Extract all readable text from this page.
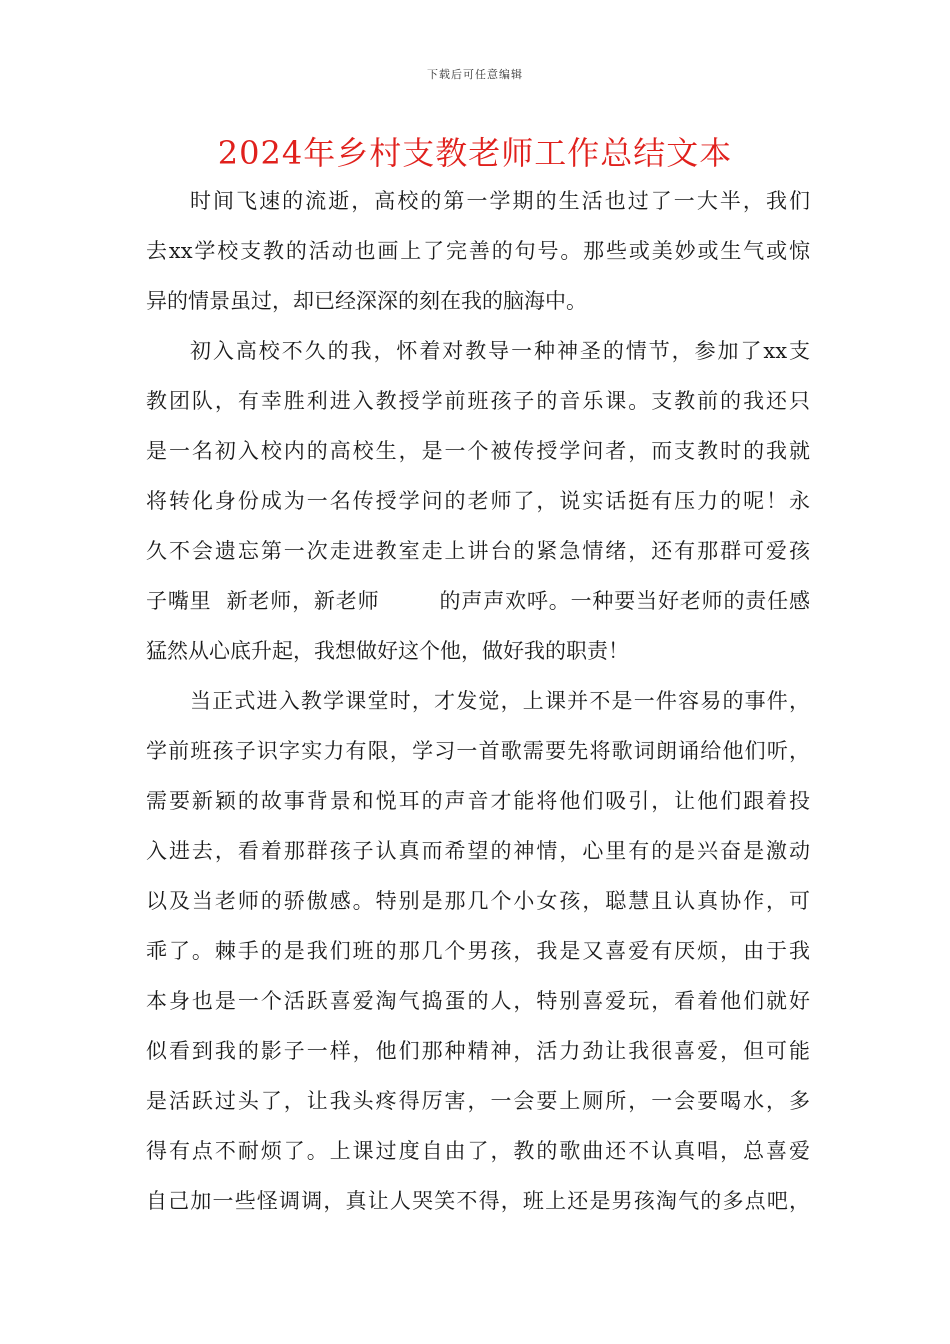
下载后可任意编辑
2024年乡村支教老师工作总结文本
时间飞速的流逝，高校的第一学期的生活也过了一大半，我们
去xx学校支教的活动也画上了完善的句号。那些或美妙或生气或惊
异的情景虽过，却已经深深的刻在我的脑海中。
初入高校不久的我，怀着对教导一种神圣的情节，参加了xx支
教团队，有幸胜利进入教授学前班孩子的音乐课。支教前的我还只
是一名初入校内的高校生，是一个被传授学问者，而支教时的我就
将转化身份成为一名传授学问的老师了，说实话挺有压力的呢！永
久不会遗忘第一次走进教室走上讲台的紧急情绪，还有那群可爱孩
子嘴里  新老师，新老师        的声声欢呼。一种要当好老师的责任感
猛然从心底升起，我想做好这个他，做好我的职责！
当正式进入教学课堂时，才发觉，上课并不是一件容易的事件，
学前班孩子识字实力有限，学习一首歌需要先将歌词朗诵给他们听，
需要新颖的故事背景和悦耳的声音才能将他们吸引，让他们跟着投
入进去，看着那群孩子认真而希望的神情，心里有的是兴奋是激动
以及当老师的骄傲感。特别是那几个小女孩，聪慧且认真协作，可
乖了。棘手的是我们班的那几个男孩，我是又喜爱有厌烦，由于我
本身也是一个活跃喜爱淘气捣蛋的人，特别喜爱玩，看着他们就好
似看到我的影子一样，他们那种精神，活力劲让我很喜爱，但可能
是活跃过头了，让我头疼得厉害，一会要上厕所，一会要喝水，多
得有点不耐烦了。上课过度自由了，教的歌曲还不认真唱，总喜爱
自己加一些怪调调，真让人哭笑不得，班上还是男孩淘气的多点吧，
